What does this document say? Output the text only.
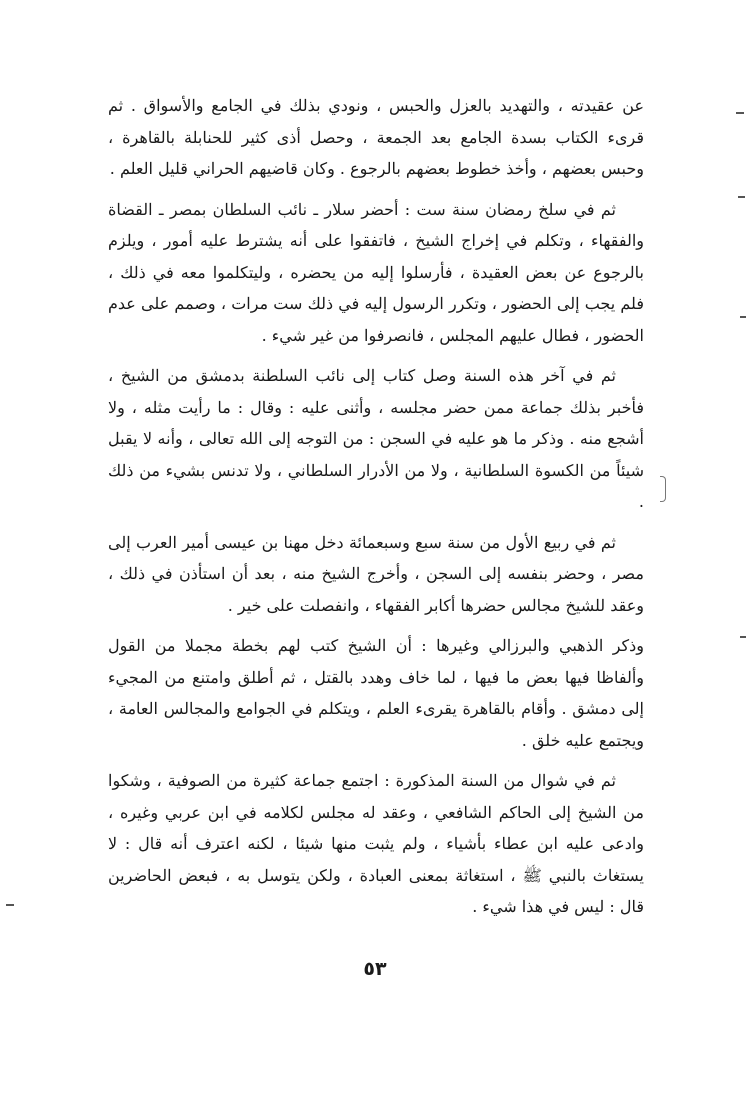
عن عقيدته ، والتهديد بالعزل والحبس ، ونودي بذلك في الجامع والأسواق . ثم قرىء الكتاب بسدة الجامع بعد الجمعة ، وحصل أذى كثير للحنابلة بالقاهرة ، وحبس بعضهم ، وأخذ خطوط بعضهم بالرجوع . وكان قاضيهم الحراني قليل العلم .

ثم في سلخ رمضان سنة ست : أحضر سلار ـ نائب السلطان بمصر ـ القضاة والفقهاء ، وتكلم في إخراج الشيخ ، فاتفقوا على أنه يشترط عليه أمور ، ويلزم بالرجوع عن بعض العقيدة ، فأرسلوا إليه من يحضره ، وليتكلموا معه في ذلك ، فلم يجب إلى الحضور ، وتكرر الرسول إليه في ذلك ست مرات ، وصمم على عدم الحضور ، فطال عليهم المجلس ، فانصرفوا من غير شيء .

ثم في آخر هذه السنة وصل كتاب إلى نائب السلطنة بدمشق من الشيخ ، فأخبر بذلك جماعة ممن حضر مجلسه ، وأثنى عليه : وقال : ما رأيت مثله ، ولا أشجع منه . وذكر ما هو عليه في السجن : من التوجه إلى الله تعالى ، وأنه لا يقبل شيئاً من الكسوة السلطانية ، ولا من الأدرار السلطاني ، ولا تدنس بشيء من ذلك .

ثم في ربيع الأول من سنة سبع وسبعمائة دخل مهنا بن عيسى أمير العرب إلى مصر ، وحضر بنفسه إلى السجن ، وأخرج الشيخ منه ، بعد أن استأذن في ذلك ، وعقد للشيخ مجالس حضرها أكابر الفقهاء ، وانفصلت على خير .

وذكر الذهبي والبرزالي وغيرها : أن الشيخ كتب لهم بخطة مجملا من القول وألفاظا فيها بعض ما فيها ، لما خاف وهدد بالقتل ، ثم أطلق وامتنع من المجيء إلى دمشق . وأقام بالقاهرة يقرىء العلم ، ويتكلم في الجوامع والمجالس العامة ، ويجتمع عليه خلق .

ثم في شوال من السنة المذكورة : اجتمع جماعة كثيرة من الصوفية ، وشكوا من الشيخ إلى الحاكم الشافعي ، وعقد له مجلس لكلامه في ابن عربي وغيره ، وادعى عليه ابن عطاء بأشياء ، ولم يثبت منها شيئا ، لكنه اعترف أنه قال : لا يستغاث بالنبي ﷺ ، استغاثة بمعنى العبادة ، ولكن يتوسل به ، فبعض الحاضرين قال : ليس في هذا شيء .

٥٣
